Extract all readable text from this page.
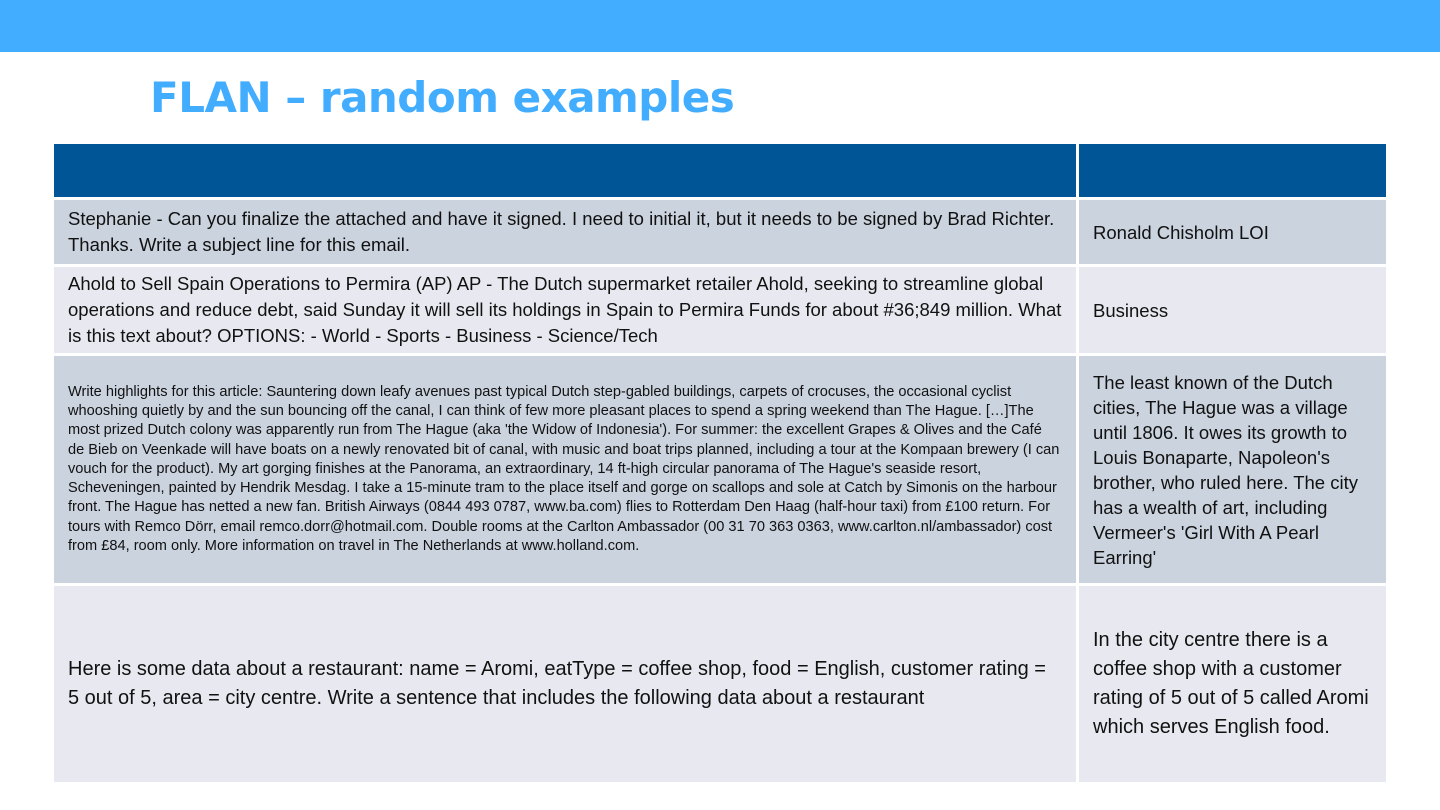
FLAN – random examples
Stephanie - Can you finalize the attached and have it signed. I need to initial it, but it needs to be signed by Brad Richter. Thanks. Write a subject line for this email.
Ronald Chisholm LOI
Ahold to Sell Spain Operations to Permira (AP) AP - The Dutch supermarket retailer Ahold, seeking to streamline global operations and reduce debt, said Sunday it will sell its holdings in Spain to Permira Funds for about #36;849 million. What is this text about? OPTIONS: - World - Sports - Business - Science/Tech
Business
Write highlights for this article: Sauntering down leafy avenues past typical Dutch step-gabled buildings, carpets of crocuses, the occasional cyclist whooshing quietly by and the sun bouncing off the canal, I can think of few more pleasant places to spend a spring weekend than The Hague. […]The most prized Dutch colony was apparently run from The Hague (aka 'the Widow of Indonesia'). For summer: the excellent Grapes & Olives and the Café de Bieb on Veenkade will have boats on a newly renovated bit of canal, with music and boat trips planned, including a tour at the Kompaan brewery (I can vouch for the product). My art gorging finishes at the Panorama, an extraordinary, 14 ft-high circular panorama of The Hague's seaside resort, Scheveningen, painted by Hendrik Mesdag. I take a 15-minute tram to the place itself and gorge on scallops and sole at Catch by Simonis on the harbour front. The Hague has netted a new fan. British Airways (0844 493 0787, www.ba.com) flies to Rotterdam Den Haag (half-hour taxi) from £100 return. For tours with Remco Dörr, email remco.dorr@hotmail.com. Double rooms at the Carlton Ambassador (00 31 70 363 0363, www.carlton.nl/ambassador) cost from £84, room only. More information on travel in The Netherlands at www.holland.com.
The least known of the Dutch cities, The Hague was a village until 1806. It owes its growth to Louis Bonaparte, Napoleon's brother, who ruled here. The city has a wealth of art, including Vermeer's 'Girl With A Pearl Earring'
Here is some data about a restaurant: name = Aromi, eatType = coffee shop, food = English, customer rating = 5 out of 5, area = city centre. Write a sentence that includes the following data about a restaurant
In the city centre there is a coffee shop with a customer rating of 5 out of 5 called Aromi which serves English food.
